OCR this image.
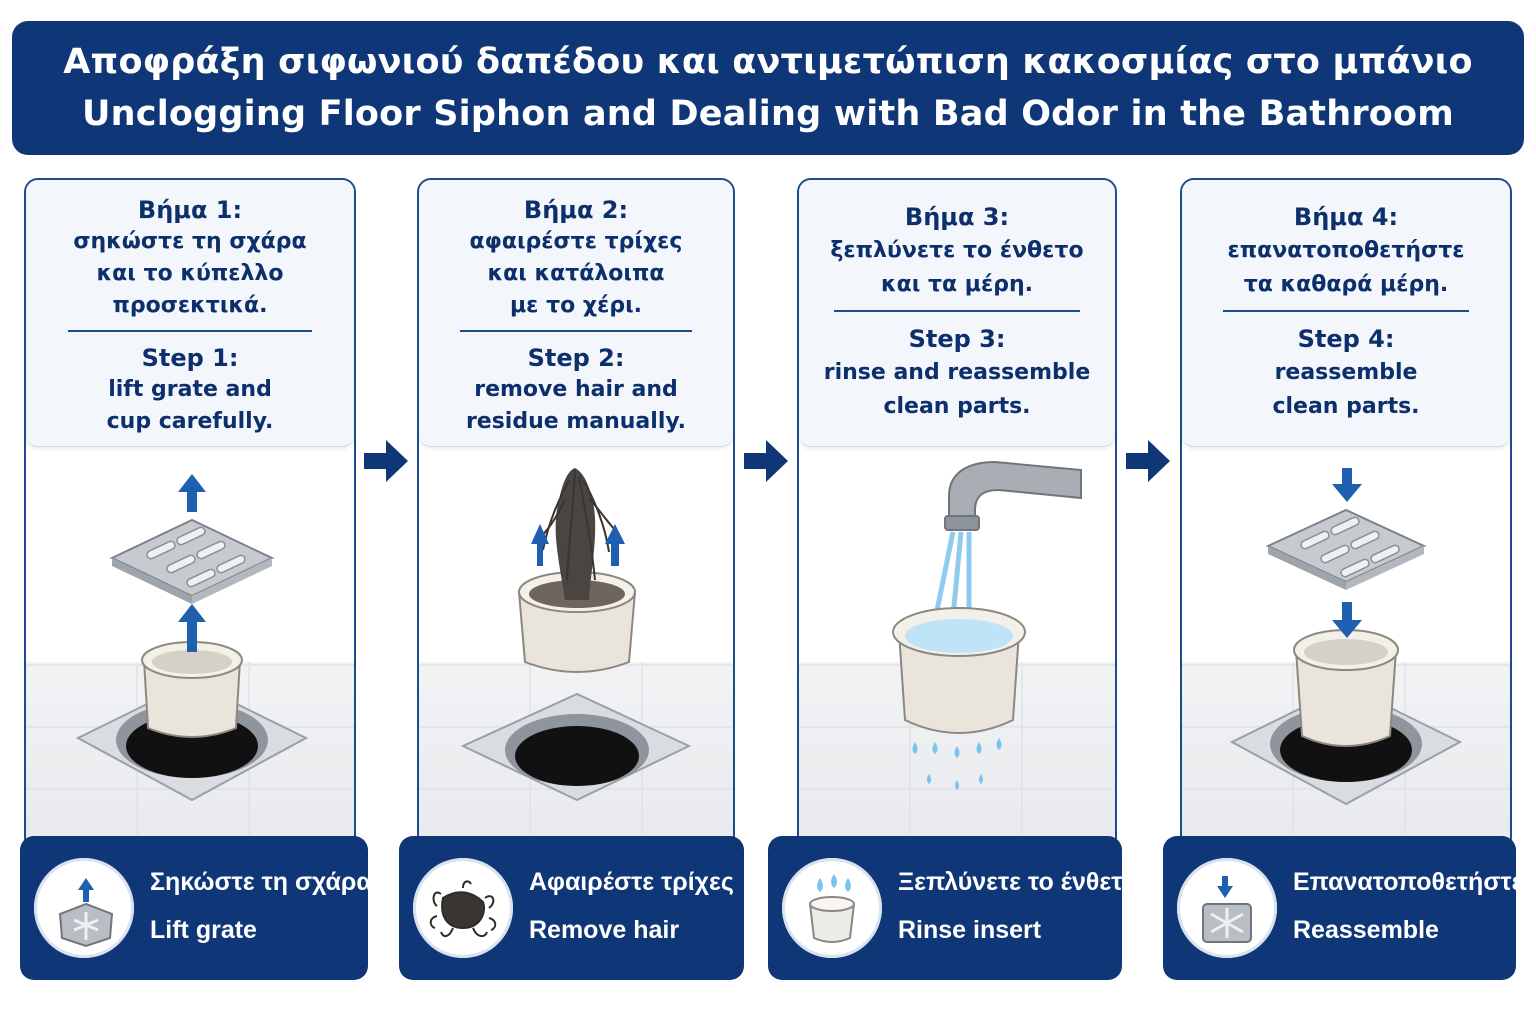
Αποφράξη σιφωνιού δαπέδου και αντιμετώπιση κακοσμίας στο μπάνιο
Unclogging Floor Siphon and Dealing with Bad Odor in the Bathroom
Βήμα 1:
σηκώστε τη σχάρα
και το κύπελλο
προσεκτικά.
Step 1:
lift grate and
cup carefully.
Βήμα 2:
αφαιρέστε τρίχες
και κατάλοιπα
με το χέρι.
Step 2:
remove hair and
residue manually.
Βήμα 3:
ξεπλύνετε το ένθετο
και τα μέρη.
Step 3:
rinse and reassemble
clean parts.
Βήμα 4:
επανατοποθετήστε
τα καθαρά μέρη.
Step 4:
reassemble
clean parts.
Σηκώστε τη σχάρα
Lift grate
Αφαιρέστε τρίχες
Remove hair
Ξεπλύνετε το ένθετο
Rinse insert
Επανατοποθετήστε
Reassemble
